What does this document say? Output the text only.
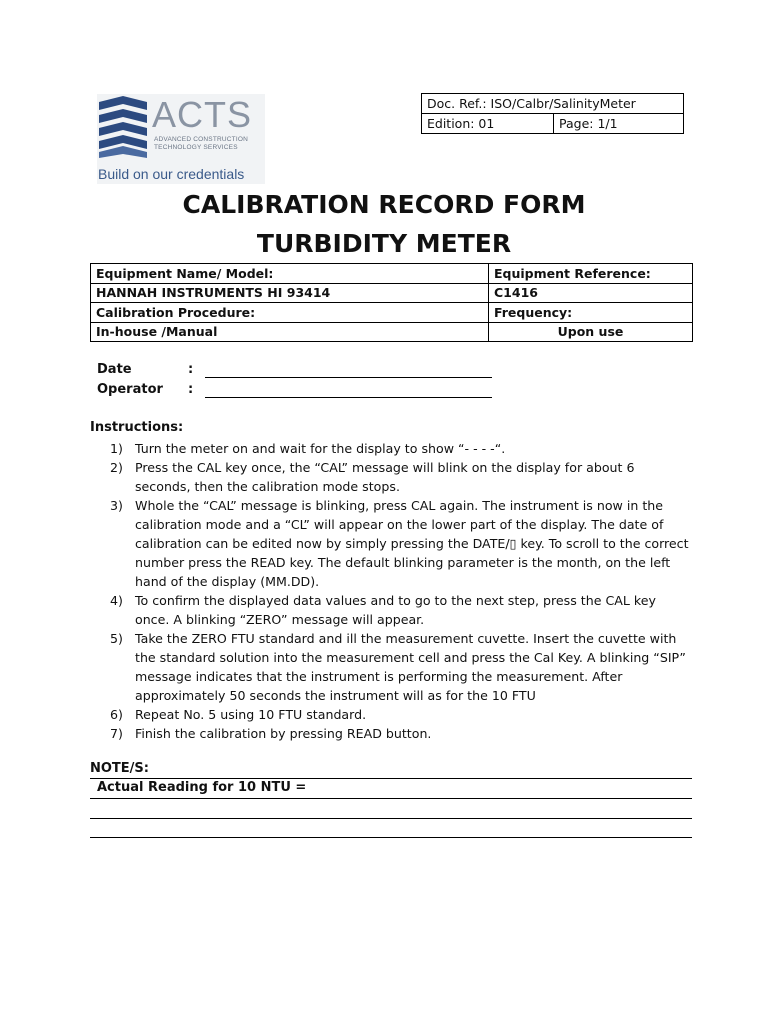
ACTS
ADVANCED CONSTRUCTION
TECHNOLOGY SERVICES
Build on our credentials
Doc. Ref.: ISO/Calbr/SalinityMeter
Edition: 01	Page: 1/1
CALIBRATION RECORD FORM
TURBIDITY METER
Equipment Name/ Model:	Equipment Reference:
HANNAH INSTRUMENTS HI 93414	C1416
Calibration Procedure:	Frequency:
In-house /Manual	Upon use
Date	:
Operator :
Instructions:
1) Turn the meter on and wait for the display to show “- - - -“.
2) Press the CAL key once, the “CAL” message will blink on the display for about 6 seconds, then the calibration mode stops.
3) Whole the “CAL” message is blinking, press CAL again. The instrument is now in the calibration mode and a “CL” will appear on the lower part of the display. The date of calibration can be edited now by simply pressing the DATE/▯ key. To scroll to the correct number press the READ key. The default blinking parameter is the month, on the left hand of the display (MM.DD).
4) To confirm the displayed data values and to go to the next step, press the CAL key once. A blinking “ZERO” message will appear.
5) Take the ZERO FTU standard and ill the measurement cuvette. Insert the cuvette with the standard solution into the measurement cell and press the Cal Key. A blinking “SIP” message indicates that the instrument is performing the measurement. After approximately 50 seconds the instrument will as for the 10 FTU
6) Repeat No. 5 using 10 FTU standard.
7) Finish the calibration by pressing READ button.
NOTE/S:
Actual Reading for 10 NTU =
